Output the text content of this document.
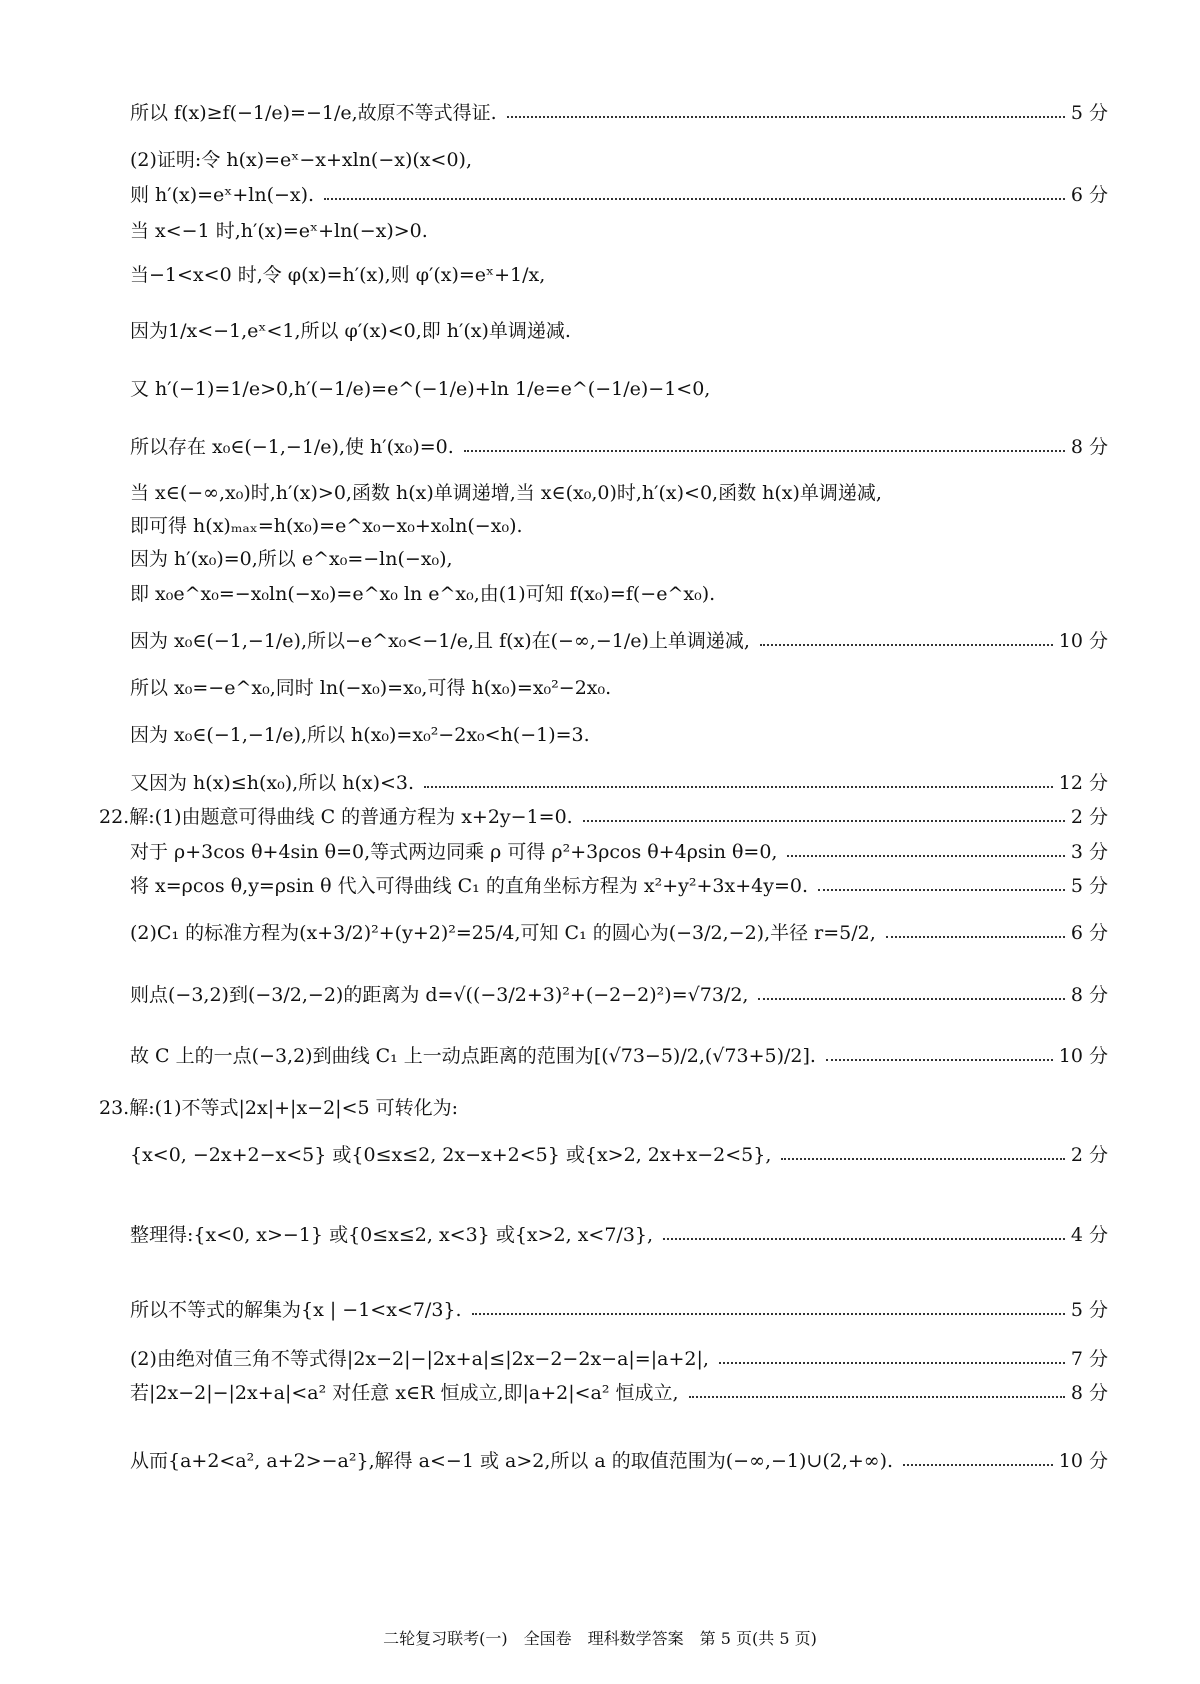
所以 f(x)≥f(−1/e)=−1/e,故原不等式得证.	5 分
(2)证明:令 h(x)=eˣ−x+xln(−x)(x<0),
则 h′(x)=eˣ+ln(−x).	6 分
当 x<−1 时,h′(x)=eˣ+ln(−x)>0.
当−1<x<0 时,令 φ(x)=h′(x),则 φ′(x)=eˣ+1/x,
因为1/x<−1,eˣ<1,所以 φ′(x)<0,即 h′(x)单调递减.
又 h′(−1)=1/e>0,h′(−1/e)=e^(−1/e)+ln 1/e=e^(−1/e)−1<0,
所以存在 x₀∈(−1,−1/e),使 h′(x₀)=0.	8 分
当 x∈(−∞,x₀)时,h′(x)>0,函数 h(x)单调递增,当 x∈(x₀,0)时,h′(x)<0,函数 h(x)单调递减,
即可得 h(x)ₘₐₓ=h(x₀)=e^x₀−x₀+x₀ln(−x₀).
因为 h′(x₀)=0,所以 e^x₀=−ln(−x₀),
即 x₀e^x₀=−x₀ln(−x₀)=e^x₀ ln e^x₀,由(1)可知 f(x₀)=f(−e^x₀).
因为 x₀∈(−1,−1/e),所以−e^x₀<−1/e,且 f(x)在(−∞,−1/e)上单调递减,	10 分
所以 x₀=−e^x₀,同时 ln(−x₀)=x₀,可得 h(x₀)=x₀²−2x₀.
因为 x₀∈(−1,−1/e),所以 h(x₀)=x₀²−2x₀<h(−1)=3.
又因为 h(x)≤h(x₀),所以 h(x)<3.	12 分
22.解:(1)由题意可得曲线 C 的普通方程为 x+2y−1=0.	2 分
对于 ρ+3cos θ+4sin θ=0,等式两边同乘 ρ 可得 ρ²+3ρcos θ+4ρsin θ=0,	3 分
将 x=ρcos θ,y=ρsin θ 代入可得曲线 C₁ 的直角坐标方程为 x²+y²+3x+4y=0.	5 分
(2)C₁ 的标准方程为(x+3/2)²+(y+2)²=25/4,可知 C₁ 的圆心为(−3/2,−2),半径 r=5/2,	6 分
则点(−3,2)到(−3/2,−2)的距离为 d=√((−3/2+3)²+(−2−2)²)=√73/2,	8 分
故 C 上的一点(−3,2)到曲线 C₁ 上一动点距离的范围为[(√73−5)/2,(√73+5)/2].	10 分
23.解:(1)不等式|2x|+|x−2|<5 可转化为:
{x<0, −2x+2−x<5} 或{0≤x≤2, 2x−x+2<5} 或{x>2, 2x+x−2<5},	2 分
整理得:{x<0, x>−1} 或{0≤x≤2, x<3} 或{x>2, x<7/3},	4 分
所以不等式的解集为{x | −1<x<7/3}.	5 分
(2)由绝对值三角不等式得|2x−2|−|2x+a|≤|2x−2−2x−a|=|a+2|,	7 分
若|2x−2|−|2x+a|<a² 对任意 x∈R 恒成立,即|a+2|<a² 恒成立,	8 分
从而{a+2<a², a+2>−a²},解得 a<−1 或 a>2,所以 a 的取值范围为(−∞,−1)∪(2,+∞).	10 分
二轮复习联考(一)　全国卷　理科数学答案　第 5 页(共 5 页)
